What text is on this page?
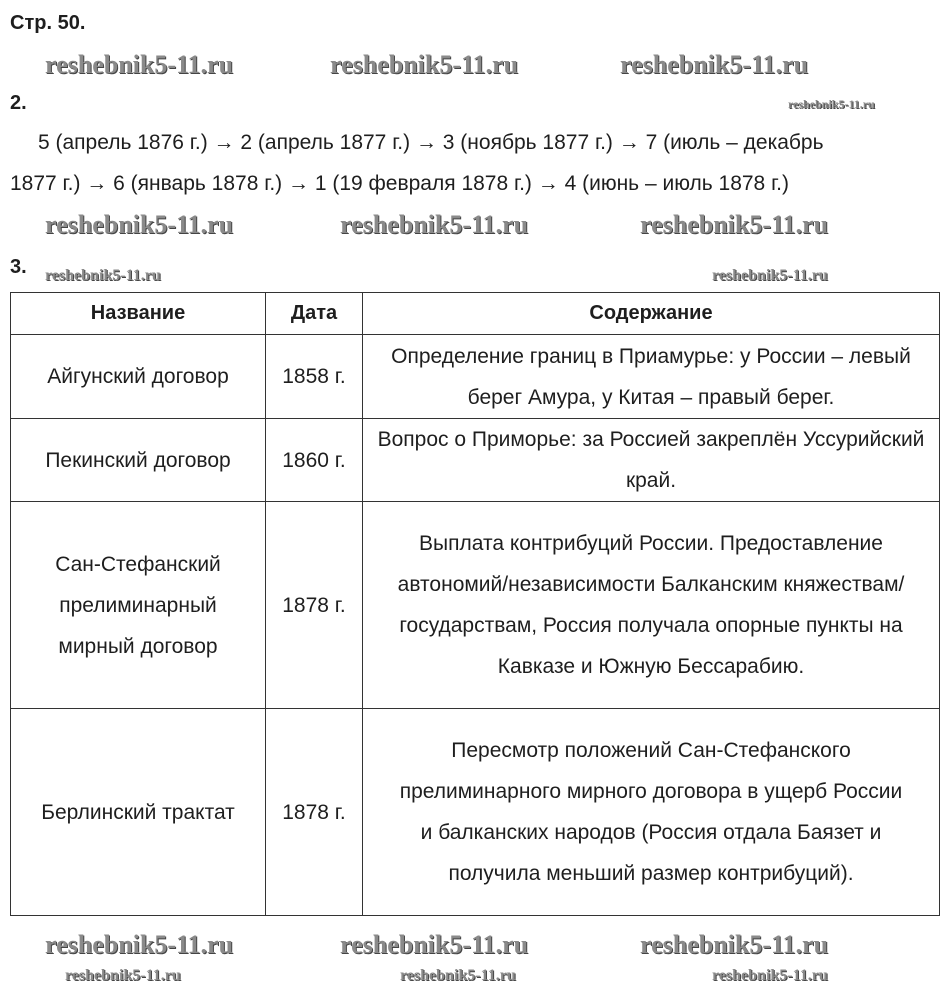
Стр. 50.
2.
5 (апрель 1876 г.) → 2 (апрель 1877 г.) → 3 (ноябрь 1877 г.) → 7 (июль – декабрь
1877 г.) → 6 (январь 1878 г.) → 1 (19 февраля 1878 г.) → 4 (июнь – июль 1878 г.)
3.
Название	Дата	Содержание
Айгунский договор	1858 г.	Определение границ в Приамурье: у России – левый берег Амура, у Китая – правый берег.
Пекинский договор	1860 г.	Вопрос о Приморье: за Россией закреплён Уссурийский край.
Сан-Стефанский прелиминарный мирный договор	1878 г.	Выплата контрибуций России. Предоставление автономий/независимости Балканским княжествам/государствам, Россия получала опорные пункты на Кавказе и Южную Бессарабию.
Берлинский трактат	1878 г.	Пересмотр положений Сан-Стефанского прелиминарного мирного договора в ущерб России и балканских народов (Россия отдала Баязет и получила меньший размер контрибуций).
reshebnik5-11.ru	reshebnik5-11.ru	reshebnik5-11.ru
reshebnik5-11.ru
reshebnik5-11.ru	reshebnik5-11.ru	reshebnik5-11.ru
reshebnik5-11.ru	reshebnik5-11.ru
reshebnik5-11.ru	reshebnik5-11.ru	reshebnik5-11.ru
reshebnik5-11.ru	reshebnik5-11.ru	reshebnik5-11.ru
